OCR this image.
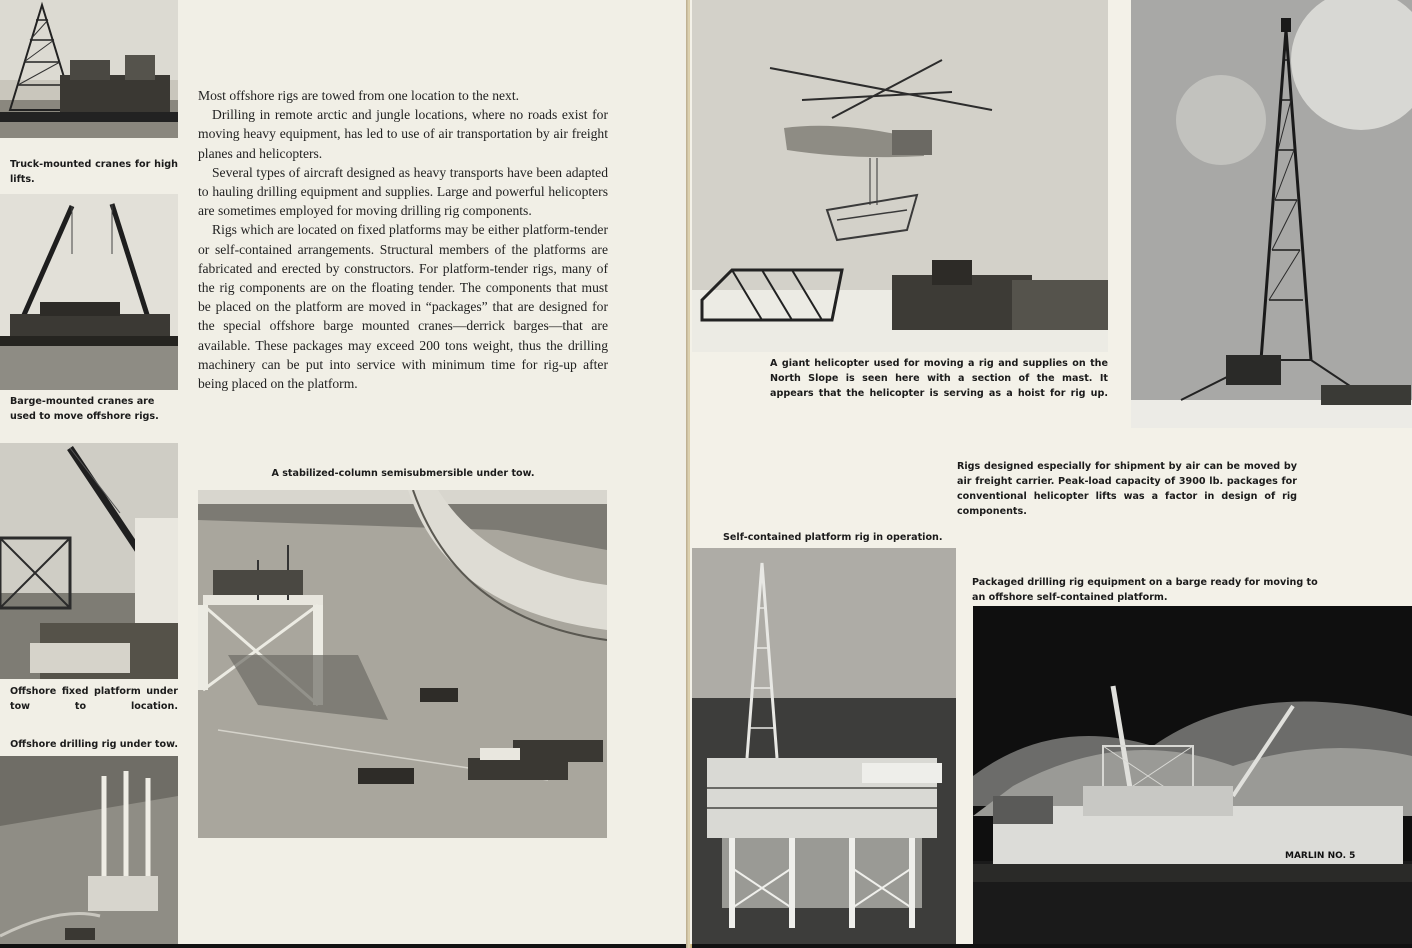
Truck-mounted cranes for high lifts.

Barge-mounted cranes are used to move offshore rigs.

Offshore fixed platform under tow to location.

Offshore drilling rig under tow.

Most offshore rigs are towed from one location to the next.

Drilling in remote arctic and jungle locations, where no roads exist for moving heavy equipment, has led to use of air transportation by air freight planes and helicopters.

Several types of aircraft designed as heavy transports have been adapted to hauling drilling equipment and supplies. Large and powerful helicopters are sometimes employed for moving drilling rig components.

Rigs which are located on fixed platforms may be either platform-tender or self-contained arrangements. Structural members of the platforms are fabricated and erected by constructors. For platform-tender rigs, many of the rig components are on the floating tender. The components that must be placed on the platform are moved in “packages” that are designed for the special offshore barge mounted cranes—derrick barges—that are available. These packages may exceed 200 tons weight, thus the drilling machinery can be put into service with minimum time for rig-up after being placed on the platform.

A stabilized-column semisubmersible under tow.

A giant helicopter used for moving a rig and supplies on the North Slope is seen here with a section of the mast. It appears that the helicopter is serving as a hoist for rig up.

Rigs designed especially for shipment by air can be moved by air freight carrier. Peak-load capacity of 3900 lb. packages for conventional helicopter lifts was a factor in design of rig components.

Self-contained platform rig in operation.

Packaged drilling rig equipment on a barge ready for moving to an offshore self-contained platform.

MARLIN NO. 5
